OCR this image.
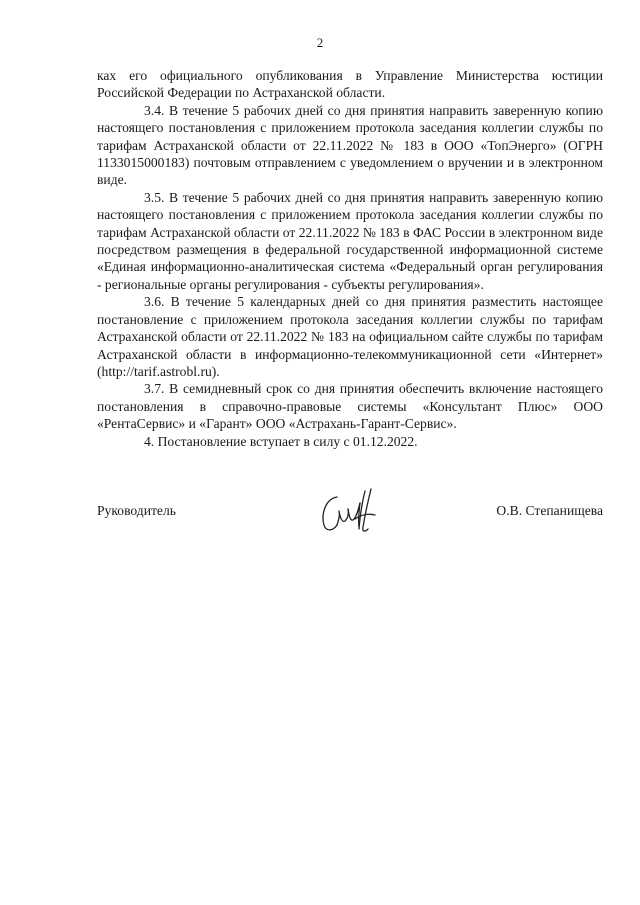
2

ках его официального опубликования в Управление Министерства юстиции Российской Федерации по Астраханской области.

3.4. В течение 5 рабочих дней со дня принятия направить заверенную копию настоящего постановления с приложением протокола заседания коллегии службы по тарифам Астраханской области от 22.11.2022 № 183 в ООО «ТопЭнерго» (ОГРН 1133015000183) почтовым отправлением с уведомлением о вручении и в электронном виде.

3.5. В течение 5 рабочих дней со дня принятия направить заверенную копию настоящего постановления с приложением протокола заседания коллегии службы по тарифам Астраханской области от 22.11.2022 № 183 в ФАС России в электронном виде посредством размещения в федеральной государственной информационной системе «Единая информационно-аналитическая система «Федеральный орган регулирования - региональные органы регулирования - субъекты регулирования».

3.6. В течение 5 календарных дней со дня принятия разместить настоящее постановление с приложением протокола заседания коллегии службы по тарифам Астраханской области от 22.11.2022 № 183 на официальном сайте службы по тарифам Астраханской области в информационно-телекоммуникационной сети «Интернет» (http://tarif.astrobl.ru).

3.7. В семидневный срок со дня принятия обеспечить включение настоящего постановления в справочно-правовые системы «Консультант Плюс» ООО «РентаСервис» и «Гарант» ООО «Астрахань-Гарант-Сервис».

4. Постановление вступает в силу с 01.12.2022.

Руководитель	О.В. Степанищева
